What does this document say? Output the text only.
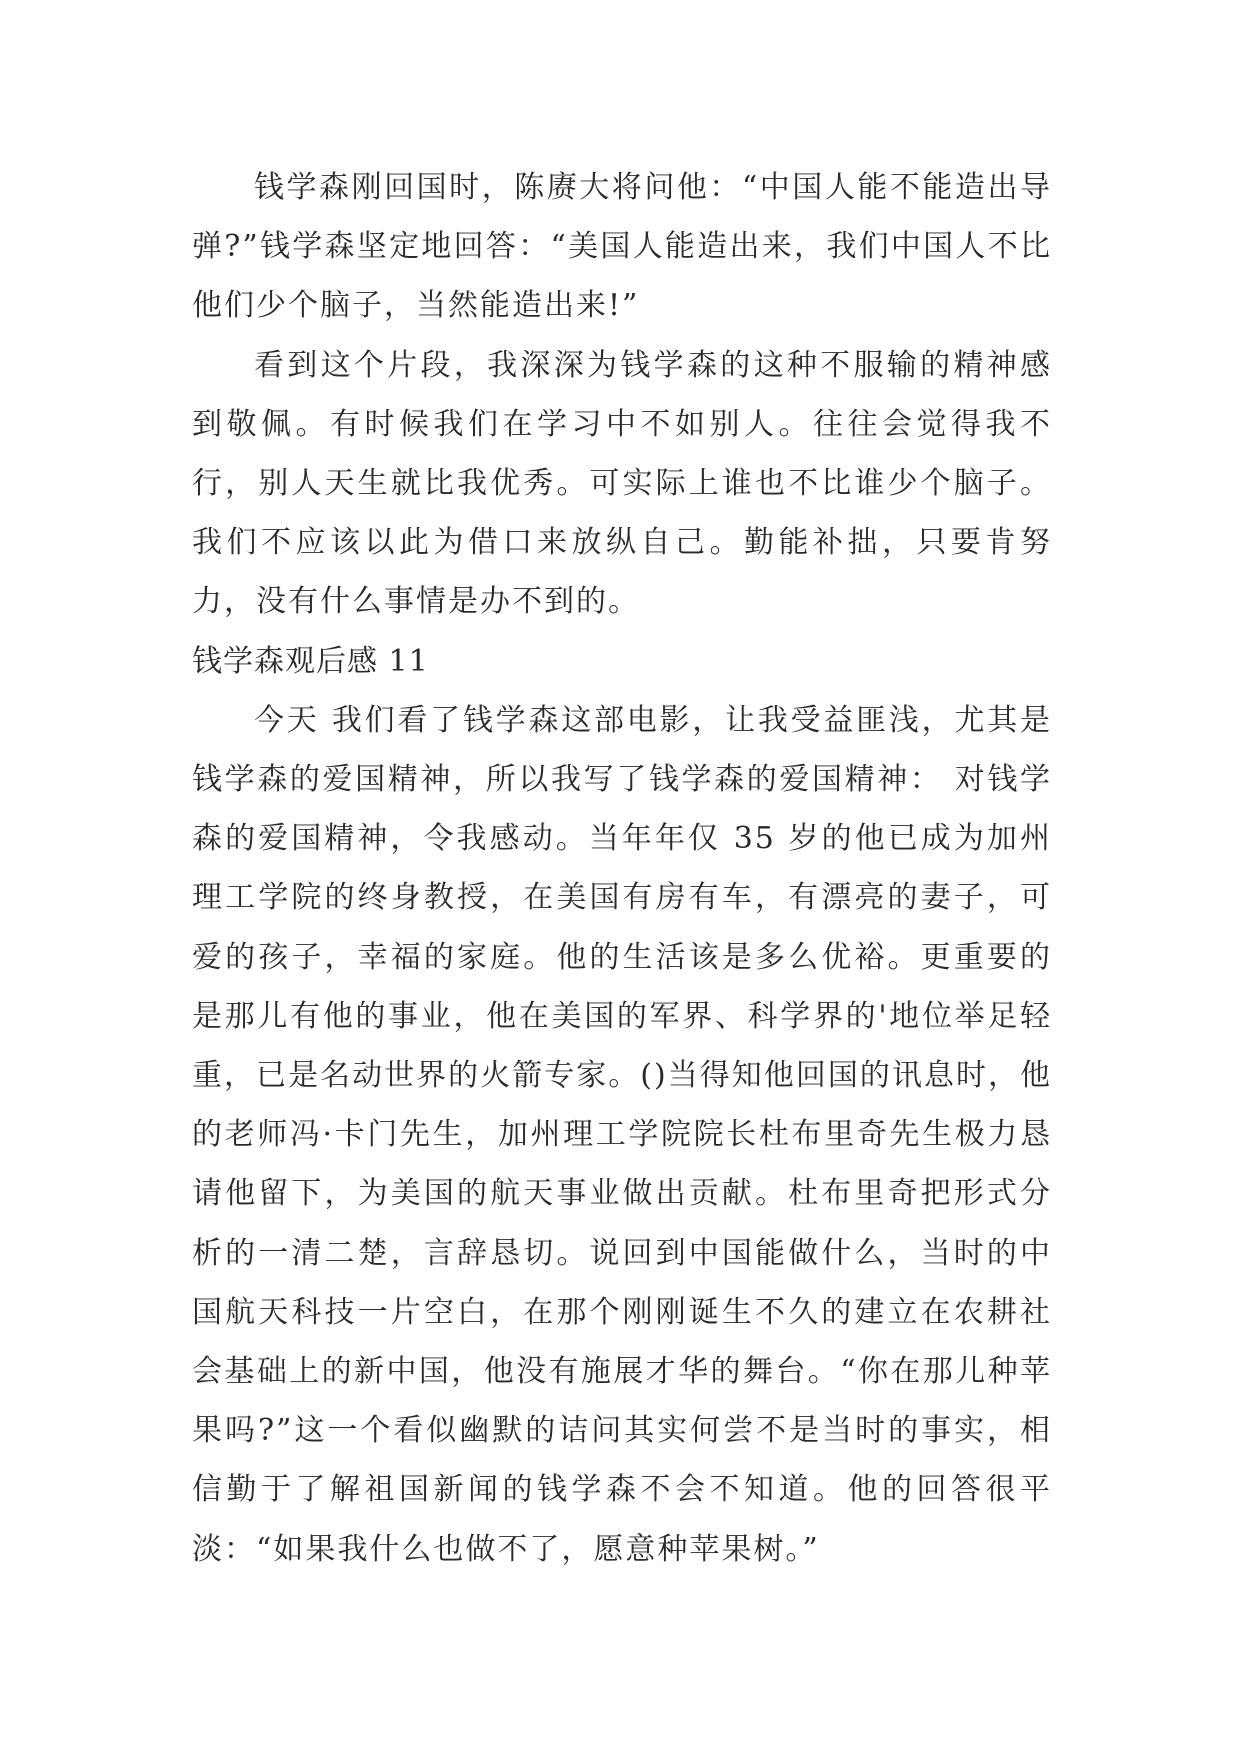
钱学森刚回国时，陈赓大将问他：“中国人能不能造出导弹?”钱学森坚定地回答：“美国人能造出来，我们中国人不比他们少个脑子，当然能造出来!”

看到这个片段，我深深为钱学森的这种不服输的精神感到敬佩。有时候我们在学习中不如别人。往往会觉得我不行，别人天生就比我优秀。可实际上谁也不比谁少个脑子。我们不应该以此为借口来放纵自己。勤能补拙，只要肯努力，没有什么事情是办不到的。

钱学森观后感 11

今天 我们看了钱学森这部电影，让我受益匪浅，尤其是钱学森的爱国精神，所以我写了钱学森的爱国精神： 对钱学森的爱国精神，令我感动。当年年仅 35 岁的他已成为加州理工学院的终身教授，在美国有房有车，有漂亮的妻子，可爱的孩子，幸福的家庭。他的生活该是多么优裕。更重要的是那儿有他的事业，他在美国的军界、科学界的'地位举足轻重，已是名动世界的火箭专家。()当得知他回国的讯息时，他的老师冯·卡门先生，加州理工学院院长杜布里奇先生极力恳请他留下，为美国的航天事业做出贡献。杜布里奇把形式分析的一清二楚，言辞恳切。说回到中国能做什么，当时的中国航天科技一片空白，在那个刚刚诞生不久的建立在农耕社会基础上的新中国，他没有施展才华的舞台。“你在那儿种苹果吗?”这一个看似幽默的诘问其实何尝不是当时的事实，相信勤于了解祖国新闻的钱学森不会不知道。他的回答很平淡：“如果我什么也做不了，愿意种苹果树。”
